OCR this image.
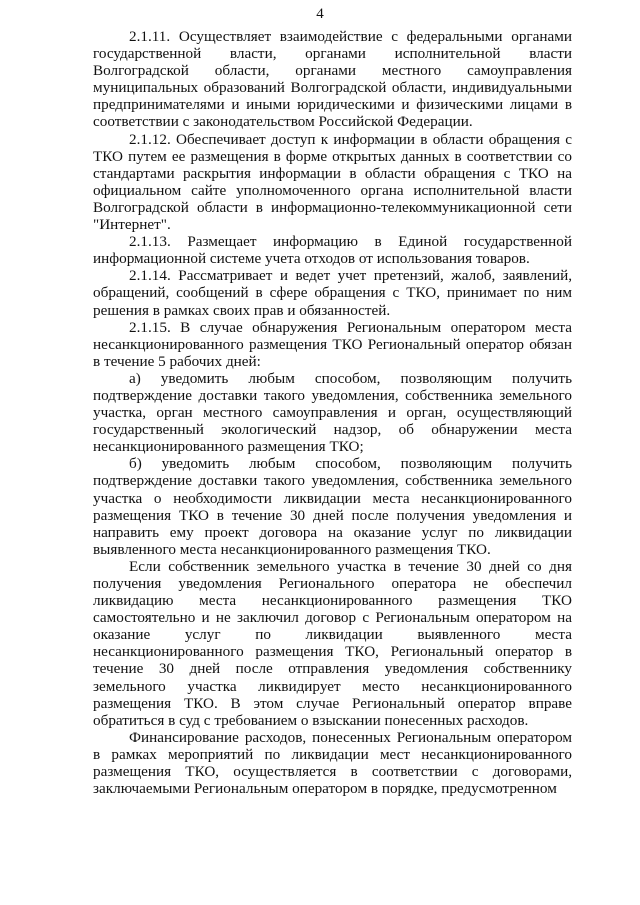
4

2.1.11. Осуществляет взаимодействие с федеральными органами государственной власти, органами исполнительной власти Волгоградской области, органами местного самоуправления муниципальных образований Волгоградской области, индивидуальными предпринимателями и иными юридическими и физическими лицами в соответствии с законодательством Российской Федерации.

2.1.12. Обеспечивает доступ к информации в области обращения с ТКО путем ее размещения в форме открытых данных в соответствии со стандартами раскрытия информации в области обращения с ТКО на официальном сайте уполномоченного органа исполнительной власти Волгоградской области в информационно-телекоммуникационной сети "Интернет".

2.1.13. Размещает информацию в Единой государственной информационной системе учета отходов от использования товаров.

2.1.14. Рассматривает и ведет учет претензий, жалоб, заявлений, обращений, сообщений в сфере обращения с ТКО, принимает по ним решения в рамках своих прав и обязанностей.

2.1.15. В случае обнаружения Региональным оператором места несанкционированного размещения ТКО Региональный оператор обязан в течение 5 рабочих дней:

а) уведомить любым способом, позволяющим получить подтверждение доставки такого уведомления, собственника земельного участка, орган местного самоуправления и орган, осуществляющий государственный экологический надзор, об обнаружении места несанкционированного размещения ТКО;

б) уведомить любым способом, позволяющим получить подтверждение доставки такого уведомления, собственника земельного участка о необходимости ликвидации места несанкционированного размещения ТКО в течение 30 дней после получения уведомления и направить ему проект договора на оказание услуг по ликвидации выявленного места несанкционированного размещения ТКО.

Если собственник земельного участка в течение 30 дней со дня получения уведомления Регионального оператора не обеспечил ликвидацию места несанкционированного размещения ТКО самостоятельно и не заключил договор с Региональным оператором на оказание услуг по ликвидации выявленного места несанкционированного размещения ТКО, Региональный оператор в течение 30 дней после отправления уведомления собственнику земельного участка ликвидирует место несанкционированного размещения ТКО. В этом случае Региональный оператор вправе обратиться в суд с требованием о взыскании понесенных расходов.

Финансирование расходов, понесенных Региональным оператором в рамках мероприятий по ликвидации мест несанкционированного размещения ТКО, осуществляется в соответствии с договорами, заключаемыми Региональным оператором в порядке, предусмотренном
